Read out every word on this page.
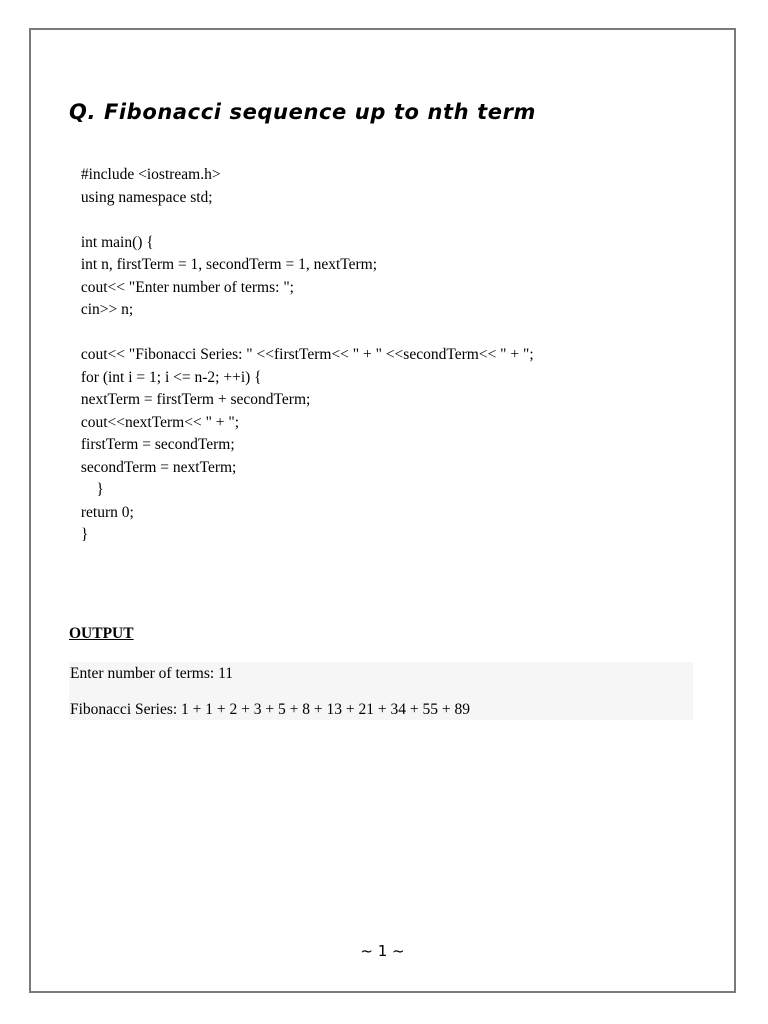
Q. Fibonacci sequence up to nth term
#include <iostream.h>
using namespace std;
int main() {
int n, firstTerm = 1, secondTerm = 1, nextTerm;
cout<< "Enter number of terms: ";
cin>> n;
cout<< "Fibonacci Series: " <<firstTerm<< " + " <<secondTerm<< " + ";
for (int i = 1; i <= n-2; ++i) {
nextTerm = firstTerm + secondTerm;
cout<<nextTerm<< " + ";
firstTerm = secondTerm;
secondTerm = nextTerm;
}
return 0;
}
OUTPUT
Enter number of terms: 11
Fibonacci Series: 1 + 1 + 2 + 3 + 5 + 8 + 13 + 21 + 34 + 55 + 89
~ 1 ~
